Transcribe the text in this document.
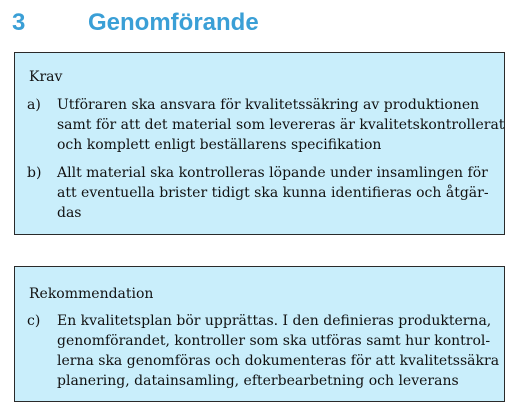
3	Genomförande
Krav
a)	Utföraren ska ansvara för kvalitetssäkring av produktionen
samt för att det material som levereras är kvalitetskontrollerat
och komplett enligt beställarens specifikation
b)	Allt material ska kontrolleras löpande under insamlingen för
att eventuella brister tidigt ska kunna identifieras och åtgär-
das
Rekommendation
c)	En kvalitetsplan bör upprättas. I den definieras produkterna,
genomförandet, kontroller som ska utföras samt hur kontrol-
lerna ska genomföras och dokumenteras för att kvalitetssäkra
planering, datainsamling, efterbearbetning och leverans
